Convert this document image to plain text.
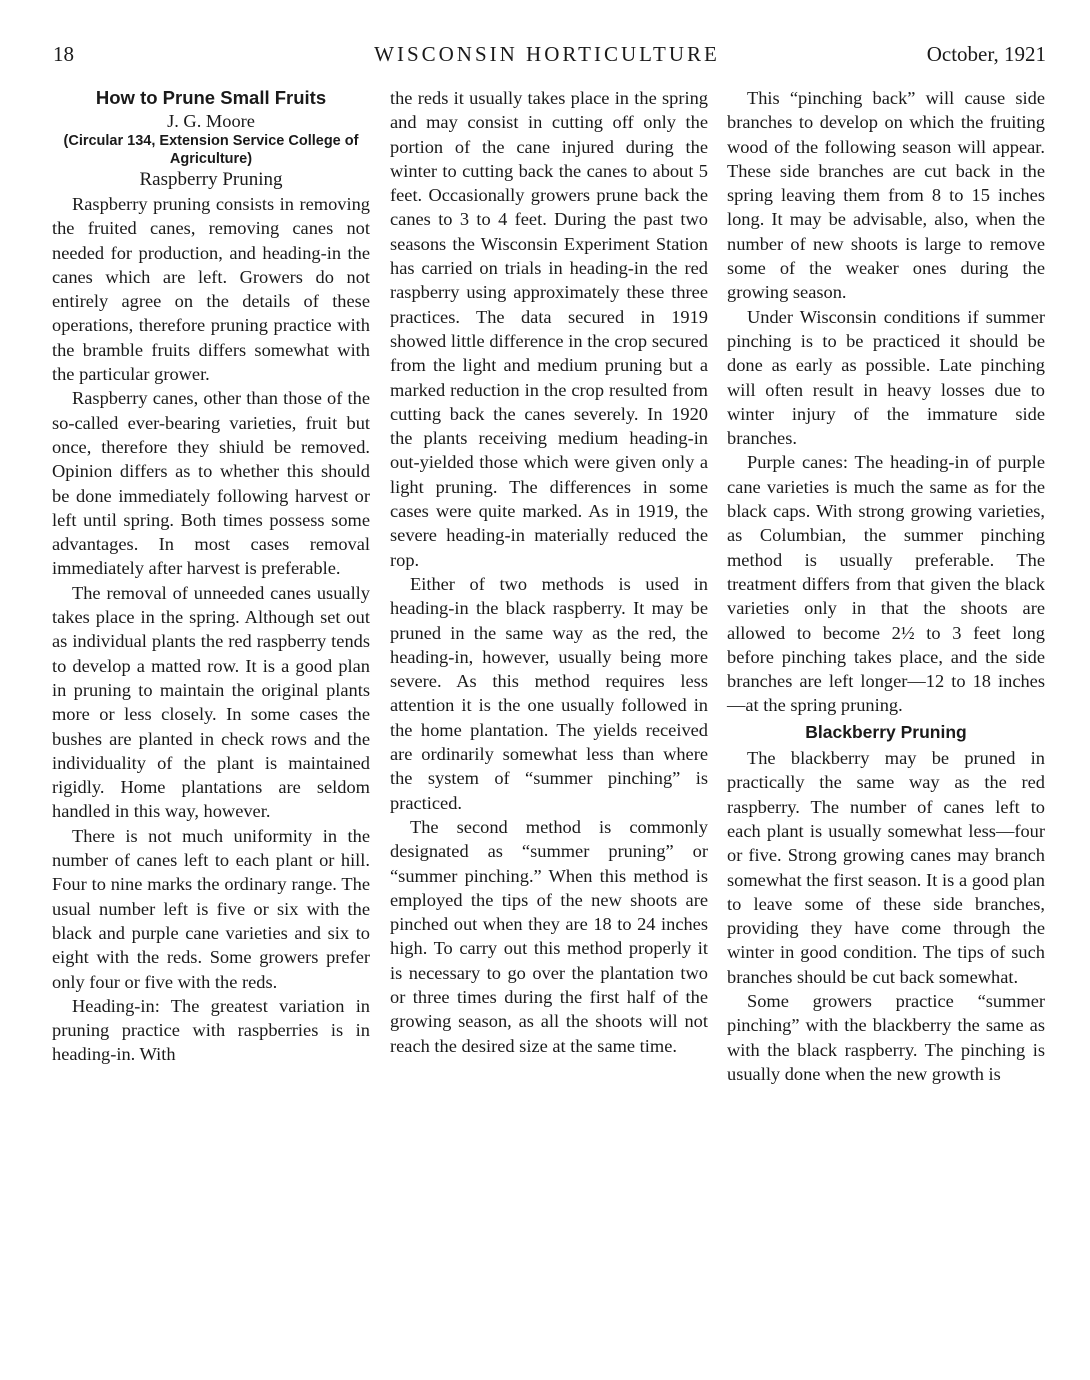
18	WISCONSIN HORTICULTURE	October, 1921
How to Prune Small Fruits

J. G. Moore

(Circular 134, Extension Service College of Agriculture)

Raspberry Pruning

Raspberry pruning consists in removing the fruited canes, removing canes not needed for production, and heading-in the canes which are left. Growers do not entirely agree on the details of these operations, therefore pruning practice with the bramble fruits differs somewhat with the particular grower.

Raspberry canes, other than those of the so-called ever-bearing varieties, fruit but once, therefore they shiuld be removed. Opinion differs as to whether this should be done immediately following harvest or left until spring. Both times possess some advantages. In most cases removal immediately after harvest is preferable.

The removal of unneeded canes usually takes place in the spring. Although set out as individual plants the red raspberry tends to develop a matted row. It is a good plan in pruning to maintain the original plants more or less closely. In some cases the bushes are planted in check rows and the individuality of the plant is maintained rigidly. Home plantations are seldom handled in this way, however.

There is not much uniformity in the number of canes left to each plant or hill. Four to nine marks the ordinary range. The usual number left is five or six with the black and purple cane varieties and six to eight with the reds. Some growers prefer only four or five with the reds.

Heading-in: The greatest variation in pruning practice with raspberries is in heading-in. With

the reds it usually takes place in the spring and may consist in cutting off only the portion of the cane injured during the winter to cutting back the canes to about 5 feet. Occasionally growers prune back the canes to 3 to 4 feet. During the past two seasons the Wisconsin Experiment Station has carried on trials in heading-in the red raspberry using approximately these three practices. The data secured in 1919 showed little difference in the crop secured from the light and medium pruning but a marked reduction in the crop resulted from cutting back the canes severely. In 1920 the plants receiving medium heading-in out-yielded those which were given only a light pruning. The differences in some cases were quite marked. As in 1919, the severe heading-in materially reduced the rop.

Either of two methods is used in heading-in the black raspberry. It may be pruned in the same way as the red, the heading-in, however, usually being more severe. As this method requires less attention it is the one usually followed in the home plantation. The yields received are ordinarily somewhat less than where the system of “summer pinching” is practiced.

The second method is commonly designated as “summer pruning” or “summer pinching.” When this method is employed the tips of the new shoots are pinched out when they are 18 to 24 inches high. To carry out this method properly it is necessary to go over the plantation two or three times during the first half of the growing season, as all the shoots will not reach the desired size at the same time.

This “pinching back” will cause side branches to develop on which the fruiting wood of the following season will appear. These side branches are cut back in the spring leaving them from 8 to 15 inches long. It may be advisable, also, when the number of new shoots is large to remove some of the weaker ones during the growing season.

Under Wisconsin conditions if summer pinching is to be practiced it should be done as early as possible. Late pinching will often result in heavy losses due to winter injury of the immature side branches.

Purple canes: The heading-in of purple cane varieties is much the same as for the black caps. With strong growing varieties, as Columbian, the summer pinching method is usually preferable. The treatment differs from that given the black varieties only in that the shoots are allowed to become 2½ to 3 feet long before pinching takes place, and the side branches are left longer—12 to 18 inches—at the spring pruning.

Blackberry Pruning

The blackberry may be pruned in practically the same way as the red raspberry. The number of canes left to each plant is usually somewhat less—four or five. Strong growing canes may branch somewhat the first season. It is a good plan to leave some of these side branches, providing they have come through the winter in good condition. The tips of such branches should be cut back somewhat.

Some growers practice “summer pinching” with the blackberry the same as with the black raspberry. The pinching is usually done when the new growth is
